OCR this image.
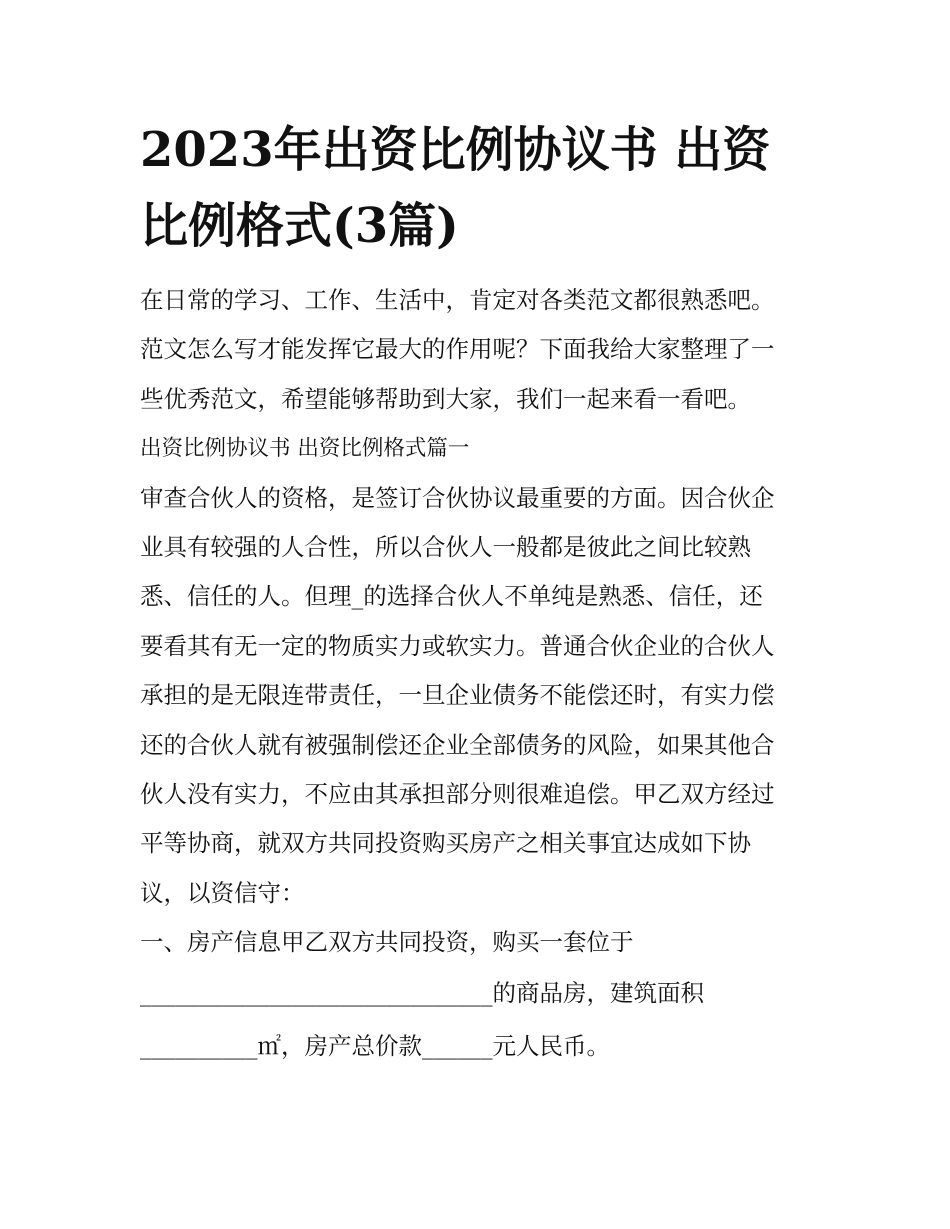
2023年出资比例协议书 出资
比例格式(3篇)
在日常的学习、工作、生活中，肯定对各类范文都很熟悉吧。
范文怎么写才能发挥它最大的作用呢？下面我给大家整理了一
些优秀范文，希望能够帮助到大家，我们一起来看一看吧。
出资比例协议书 出资比例格式篇一
审查合伙人的资格，是签订合伙协议最重要的方面。因合伙企
业具有较强的人合性，所以合伙人一般都是彼此之间比较熟
悉、信任的人。但理_的选择合伙人不单纯是熟悉、信任，还
要看其有无一定的物质实力或软实力。普通合伙企业的合伙人
承担的是无限连带责任，一旦企业债务不能偿还时，有实力偿
还的合伙人就有被强制偿还企业全部债务的风险，如果其他合
伙人没有实力，不应由其承担部分则很难追偿。甲乙双方经过
平等协商，就双方共同投资购买房产之相关事宜达成如下协
议，以资信守：
一、房产信息甲乙双方共同投资，购买一套位于
______________________________的商品房，建筑面积
__________㎡，房产总价款______元人民币。
